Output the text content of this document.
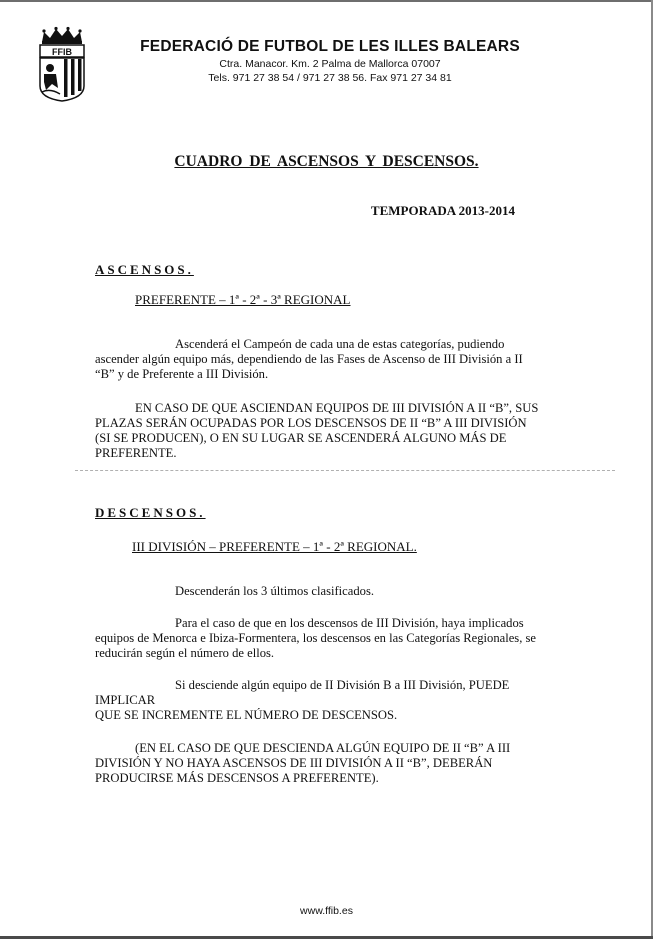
FFIB	FEDERACIÓ DE FUTBOL DE LES ILLES BALEARS
Ctra. Manacor. Km. 2 Palma de Mallorca 07007
Tels. 971 27 38 54 / 971 27 38 56. Fax 971 27 34 81
CUADRO DE ASCENSOS Y DESCENSOS.
TEMPORADA 2013-2014
ASCENSOS.
PREFERENTE – 1ª - 2ª - 3ª REGIONAL
Ascenderá el Campeón de cada una de estas categorías, pudiendo
ascender algún equipo más, dependiendo de las Fases de Ascenso de III División a II
“B” y de Preferente a III División.
EN CASO DE QUE ASCIENDAN EQUIPOS DE III DIVISIÓN A II “B”, SUS
PLAZAS SERÁN OCUPADAS POR LOS DESCENSOS DE II “B” A III DIVISIÓN
(SI SE PRODUCEN), O EN SU LUGAR SE ASCENDERÁ ALGUNO MÁS DE
PREFERENTE.
DESCENSOS.
III DIVISIÓN – PREFERENTE – 1ª - 2ª REGIONAL.
Descenderán los 3 últimos clasificados.
Para el caso de que en los descensos de III División, haya implicados
equipos de Menorca e Ibiza-Formentera, los descensos en las Categorías Regionales, se
reducirán según el número de ellos.
Si desciende algún equipo de II División B a III División, PUEDE IMPLICAR
QUE SE INCREMENTE EL NÚMERO DE DESCENSOS.
(EN EL CASO DE QUE DESCIENDA ALGÚN EQUIPO DE II “B” A III
DIVISIÓN Y NO HAYA ASCENSOS DE III DIVISIÓN A II “B”, DEBERÁN
PRODUCIRSE MÁS DESCENSOS A PREFERENTE).
www.ffib.es
